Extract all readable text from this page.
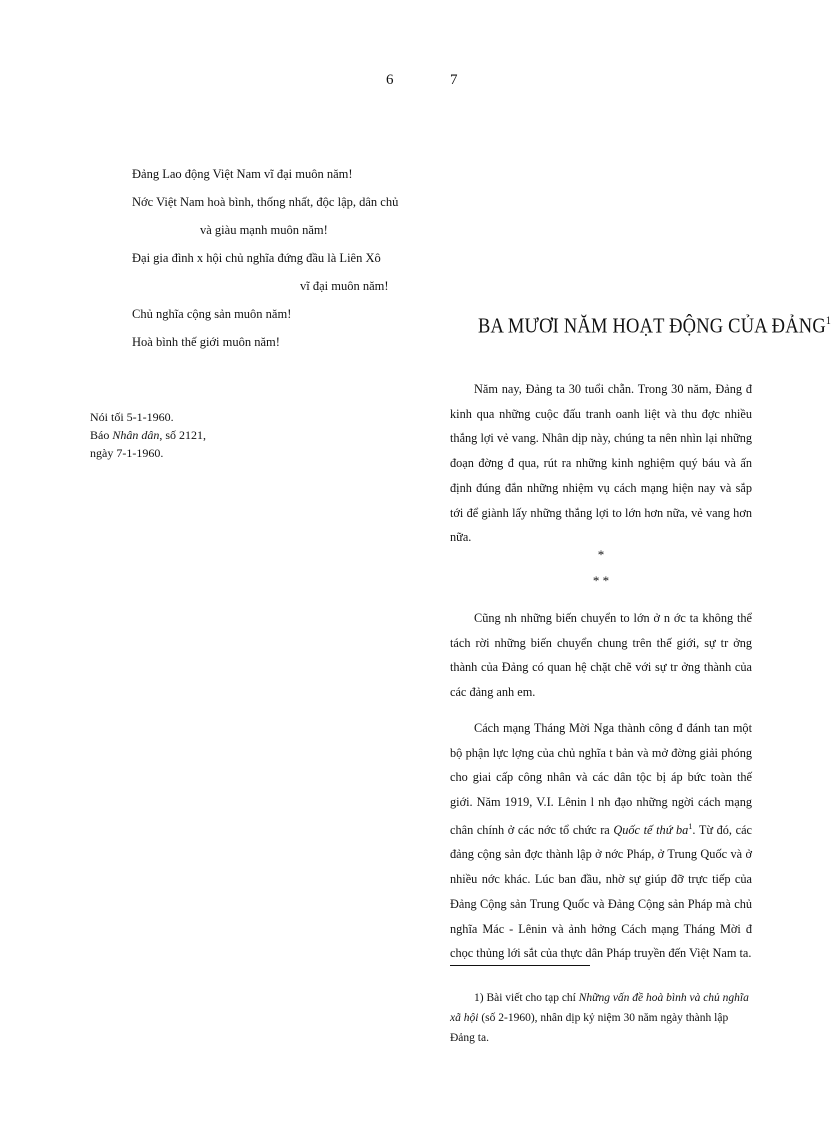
6	7
Đảng Lao động Việt Nam vĩ đại muôn năm!
Nớc Việt Nam hoà bình, thống nhất, độc lập, dân chủ
và giàu mạnh muôn năm!
Đại gia đình x hội chủ nghĩa đứng đầu là Liên Xô
vĩ đại muôn năm!
Chủ nghĩa cộng sản muôn năm!
Hoà bình thế giới muôn năm!
Nói tối 5-1-1960.
Báo Nhân dân, số 2121,
ngày 7-1-1960.
BA MƯƠI NĂM HOẠT ĐỘNG CỦA ĐẢNG$^1$

Năm nay, Đảng ta 30 tuổi chẵn. Trong 30 năm, Đảng đ kinh qua những cuộc đấu tranh oanh liệt và thu đợc nhiều thắng lợi vẻ vang. Nhân dịp này, chúng ta nên nhìn lại những đoạn đờng đ qua, rút ra những kinh nghiệm quý báu và ấn định đúng đắn những nhiệm vụ cách mạng hiện nay và sắp tới để giành lấy những thắng lợi to lớn hơn nữa, vẻ vang hơn nữa.

*
* *

Cũng nh những biến chuyển to lớn ở n ớc ta không thể tách rời những biến chuyển chung trên thế giới, sự tr ởng thành của Đảng có quan hệ chặt chẽ với sự tr ởng thành của các đảng anh em.

Cách mạng Tháng Mời Nga thành công đ đánh tan một bộ phận lực lợng của chủ nghĩa t bản và mở đờng giải phóng cho giai cấp công nhân và các dân tộc bị áp bức toàn thế giới. Năm 1919, V.I. Lênin l nh đạo những ngời cách mạng chân chính ở các nớc tổ chức ra Quốc tế thứ $ba^1$. Từ đó, các đảng cộng sản đợc thành lập ở nớc Pháp, ở Trung Quốc và ở nhiều nớc khác. Lúc ban đầu, nhờ sự giúp đỡ trực tiếp của Đảng Cộng sản Trung Quốc và Đảng Cộng sản Pháp mà chủ nghĩa Mác - Lênin và ảnh hởng Cách mạng Tháng Mời đ chọc thủng lới sắt của thực dân Pháp truyền đến Việt Nam ta.

1) Bài viết cho tạp chí Những vấn đề hoà bình và chủ nghĩa xã hội (số 2-1960), nhân dịp kỷ niệm 30 năm ngày thành lập Đảng ta.
